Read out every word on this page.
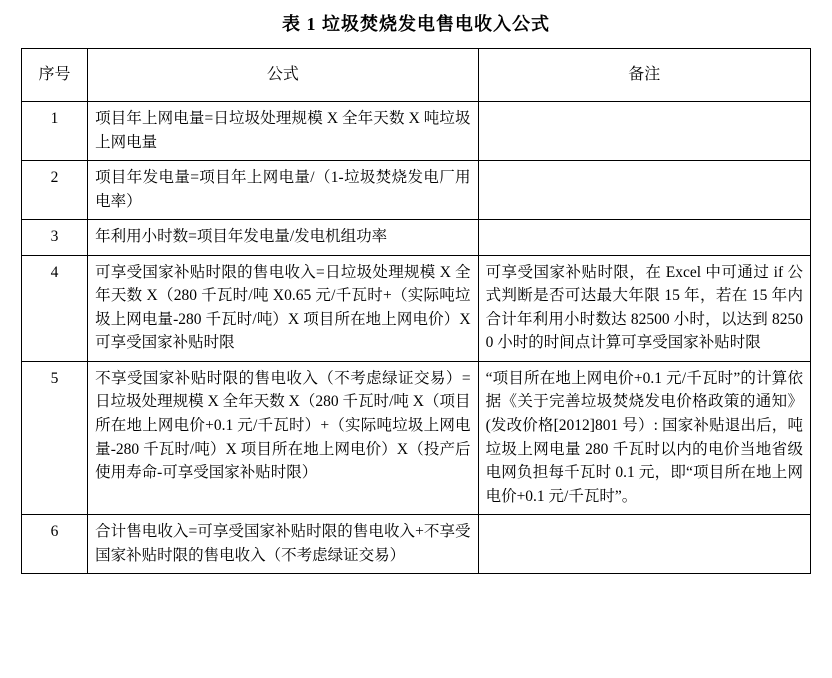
表 1 垃圾焚烧发电售电收入公式
序号	公式	备注
1	项目年上网电量=日垃圾处理规模 X 全年天数 X 吨垃圾上网电量	

2	项目年发电量=项目年上网电量/（1-垃圾焚烧发电厂用电率）	

3	年利用小时数=项目年发电量/发电机组功率	

4	可享受国家补贴时限的售电收入=日垃圾处理规模 X 全年天数 X（280 千瓦时/吨 X0.65 元/千瓦时+（实际吨垃圾上网电量-280 千瓦时/吨）X 项目所在地上网电价）X 可享受国家补贴时限	可享受国家补贴时限，在 Excel 中可通过 if 公式判断是否可达最大年限 15 年，若在 15 年内合计年利用小时数达 82500 小时，以达到 82500 小时的时间点计算可享受国家补贴时限

5	不享受国家补贴时限的售电收入（不考虑绿证交易）=日垃圾处理规模 X 全年天数 X（280 千瓦时/吨 X（项目所在地上网电价+0.1 元/千瓦时）+（实际吨垃圾上网电量-280 千瓦时/吨）X 项目所在地上网电价）X（投产后使用寿命-可享受国家补贴时限）	“项目所在地上网电价+0.1 元/千瓦时”的计算依据《关于完善垃圾焚烧发电价格政策的通知》(发改价格[2012]801 号）: 国家补贴退出后，吨垃圾上网电量 280 千瓦时以内的电价当地省级电网负担每千瓦时 0.1 元，即“项目所在地上网电价+0.1 元/千瓦时”。

6	合计售电收入=可享受国家补贴时限的售电收入+不享受国家补贴时限的售电收入（不考虑绿证交易）	
